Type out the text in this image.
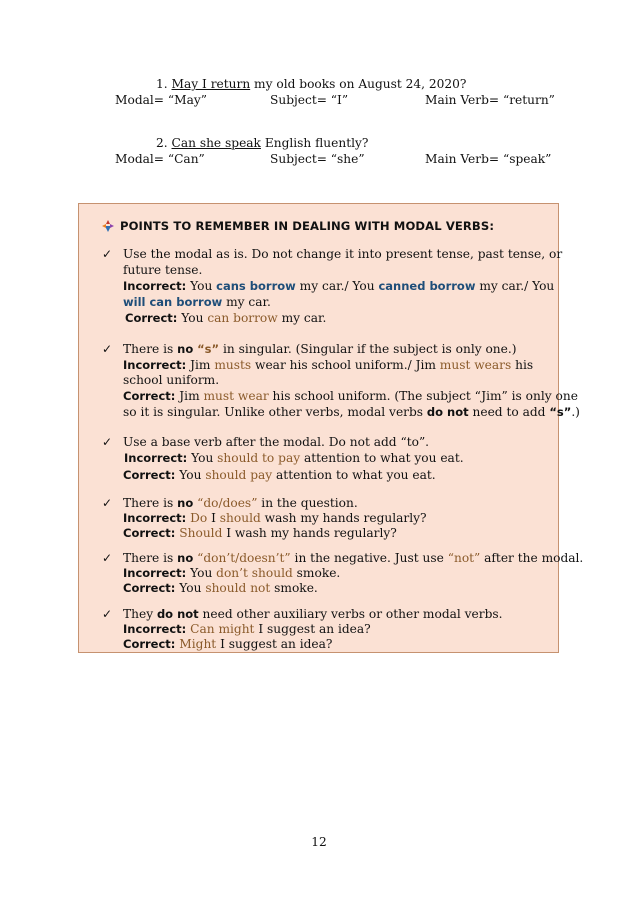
1. May I return my old books on August 24, 2020?
Modal= “May”	Subject= “I”	Main Verb= “return”
2. Can she speak English fluently?
Modal= “Can”	Subject= “she”	Main Verb= “speak”
POINTS TO REMEMBER IN DEALING WITH MODAL VERBS:
✓ Use the modal as is. Do not change it into present tense, past tense, or
future tense.
Incorrect: You cans borrow my car./ You canned borrow my car./ You
will can borrow my car.
Correct: You can borrow my car.
✓ There is no “s” in singular. (Singular if the subject is only one.)
Incorrect: Jim musts wear his school uniform./ Jim must wears his
school uniform.
Correct: Jim must wear his school uniform. (The subject “Jim” is only one
so it is singular. Unlike other verbs, modal verbs do not need to add “s”.)
✓ Use a base verb after the modal. Do not add “to”.
Incorrect: You should to pay attention to what you eat.
Correct: You should pay attention to what you eat.
✓ There is no “do/does” in the question.
Incorrect: Do I should wash my hands regularly?
Correct: Should I wash my hands regularly?
✓ There is no “don’t/doesn’t” in the negative. Just use “not” after the modal.
Incorrect: You don’t should smoke.
Correct: You should not smoke.
✓ They do not need other auxiliary verbs or other modal verbs.
Incorrect: Can might I suggest an idea?
Correct: Might I suggest an idea?
12
